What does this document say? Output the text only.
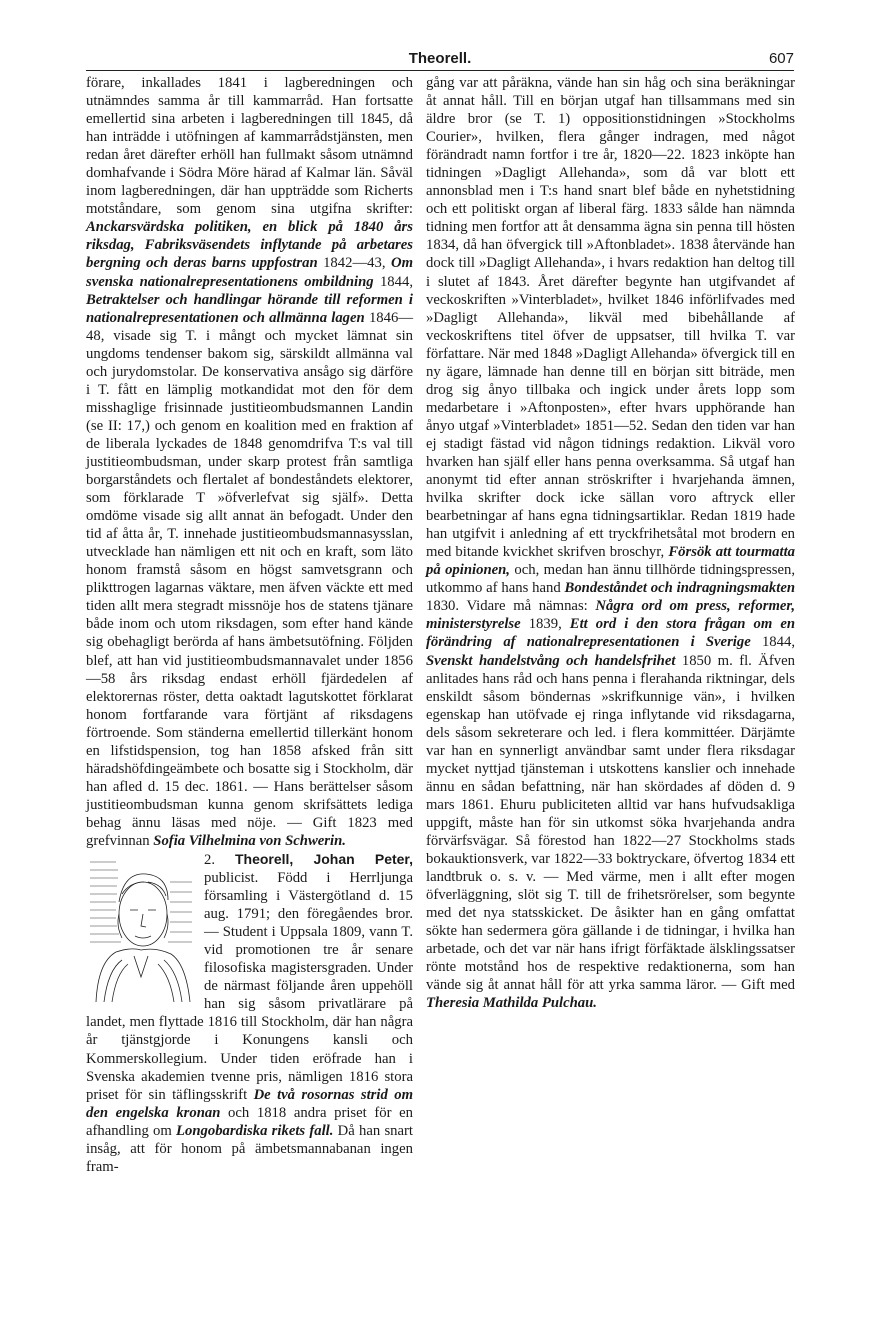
Theorell.	607

förare, inkallades 1841 i lagberedningen och utnämndes samma år till kammarråd. Han fortsatte emellertid sina arbeten i lagberedningen till 1845, då han inträdde i utöfningen af kammarrådstjänsten, men redan året därefter erhöll han fullmakt såsom utnämnd domhafvande i Södra Möre härad af Kalmar län. Såväl inom lagberedningen, där han uppträdde som Richerts motståndare, som genom sina utgifna skrifter: Anckarsvärdska politiken, en blick på 1840 års riksdag, Fabriksväsendets inflytande på arbetares bergning och deras barns uppfostran 1842—43, Om svenska nationalrepresentationens ombildning 1844, Betraktelser och handlingar hörande till reformen i nationalrepresentationen och allmänna lagen 1846—48, visade sig T. i mångt och mycket lämnat sin ungdoms tendenser bakom sig, särskildt allmänna val och jurydomstolar. De konservativa ansågo sig därföre i T. fått en lämplig motkandidat mot den för dem misshaglige frisinnade justitieombudsmannen Landin (se II: 17,) och genom en koalition med en fraktion af de liberala lyckades de 1848 genomdrifva T:s val till justitieombudsman, under skarp protest från samtliga borgarståndets och flertalet af bondeståndets elektorer, som förklarade T »öfverlefvat sig själf». Detta omdöme visade sig allt annat än befogadt. Under den tid af åtta år, T. innehade justitieombudsmannasysslan, utvecklade han nämligen ett nit och en kraft, som läto honom framstå såsom en högst samvetsgrann och plikttrogen lagarnas väktare, men äfven väckte ett med tiden allt mera stegradt missnöje hos de statens tjänare både inom och utom riksdagen, som efter hand kände sig obehagligt berörda af hans ämbetsutöfning. Följden blef, att han vid justitieombudsmannavalet under 1856 —58 års riksdag endast erhöll fjärdedelen af elektorernas röster, detta oaktadt lagutskottet förklarat honom fortfarande vara förtjänt af riksdagens förtroende. Som ständerna emellertid tillerkänt honom en lifstidspension, tog han 1858 afsked från sitt häradshöfdingeämbete och bosatte sig i Stockholm, där han afled d. 15 dec. 1861. — Hans berättelser såsom justitieombudsman kunna genom skrifsättets lediga behag ännu läsas med nöje. — Gift 1823 med grefvinnan Sofia Vilhelmina von Schwerin.

2. Theorell, Johan Peter, publicist. Född i Herrljunga församling i Västergötland d. 15 aug. 1791; den föregåendes bror. — Student i Uppsala 1809, vann T. vid promotionen tre år senare filosofiska magistersgraden. Under de närmast följande åren uppehöll han sig såsom privatlärare på landet, men flyttade 1816 till Stockholm, där han några år tjänstgjorde i Konungens kansli och Kommerskollegium. Under tiden eröfrade han i Svenska akademien tvenne pris, nämligen 1816 stora priset för sin täflingsskrift De två rosornas strid om den engelska kronan och 1818 andra priset för en afhandling om Longobardiska rikets fall. Då han snart insåg, att för honom på ämbetsmannabanan ingen fram-

gång var att påräkna, vände han sin håg och sina beräkningar åt annat håll. Till en början utgaf han tillsammans med sin äldre bror (se T. 1) oppositionstidningen »Stockholms Courier», hvilken, flera gånger indragen, med något förändradt namn fortfor i tre år, 1820—22. 1823 inköpte han tidningen »Dagligt Allehanda», som då var blott ett annonsblad men i T:s hand snart blef både en nyhetstidning och ett politiskt organ af liberal färg. 1833 sålde han nämnda tidning men fortfor att åt densamma ägna sin penna till hösten 1834, då han öfvergick till »Aftonbladet». 1838 återvände han dock till »Dagligt Allehanda», i hvars redaktion han deltog till i slutet af 1843. Året därefter begynte han utgifvandet af veckoskriften »Vinterbladet», hvilket 1846 införlifvades med »Dagligt Allehanda», likväl med bibehållande af veckoskriftens titel öfver de uppsatser, till hvilka T. var författare. När med 1848 »Dagligt Allehanda» öfvergick till en ny ägare, lämnade han denne till en början sitt biträde, men drog sig ånyo tillbaka och ingick under årets lopp som medarbetare i »Aftonposten», efter hvars upphörande han ånyo utgaf »Vinterbladet» 1851—52. Sedan den tiden var han ej stadigt fästad vid någon tidnings redaktion. Likväl voro hvarken han själf eller hans penna overksamma. Så utgaf han anonymt tid efter annan ströskrifter i hvarjehanda ämnen, hvilka skrifter dock icke sällan voro aftryck eller bearbetningar af hans egna tidningsartiklar. Redan 1819 hade han utgifvit i anledning af ett tryckfrihetsåtal mot brodern en med bitande kvickhet skrifven broschyr, Försök att tourmatta på opinionen, och, medan han ännu tillhörde tidningspressen, utkommo af hans hand Bondeståndet och indragningsmakten 1830. Vidare må nämnas: Några ord om press, reformer, ministerstyrelse 1839, Ett ord i den stora frågan om en förändring af nationalrepresentationen i Sverige 1844, Svenskt handelstvång och handelsfrihet 1850 m. fl. Äfven anlitades hans råd och hans penna i flerahanda riktningar, dels enskildt såsom böndernas »skrifkunnige vän», i hvilken egenskap han utöfvade ej ringa inflytande vid riksdagarna, dels såsom sekreterare och led. i flera kommittéer. Därjämte var han en synnerligt användbar samt under flera riksdagar mycket nyttjad tjänsteman i utskottens kanslier och innehade ännu en sådan befattning, när han skördades af döden d. 9 mars 1861. Ehuru publiciteten alltid var hans hufvudsakliga uppgift, måste han för sin utkomst söka hvarjehanda andra förvärfsvägar. Så förestod han 1822—27 Stockholms stads bokauktionsverk, var 1822—33 boktryckare, öfvertog 1834 ett landtbruk o. s. v. — Med värme, men i allt efter mogen öfverläggning, slöt sig T. till de frihetsrörelser, som begynte med det nya statsskicket. De åsikter han en gång omfattat sökte han sedermera göra gällande i de tidningar, i hvilka han arbetade, och det var när hans ifrigt förfäktade älsklingssatser rönte motstånd hos de respektive redaktionerna, som han vände sig åt annat håll för att yrka samma läror. — Gift med Theresia Mathilda Pulchau.
